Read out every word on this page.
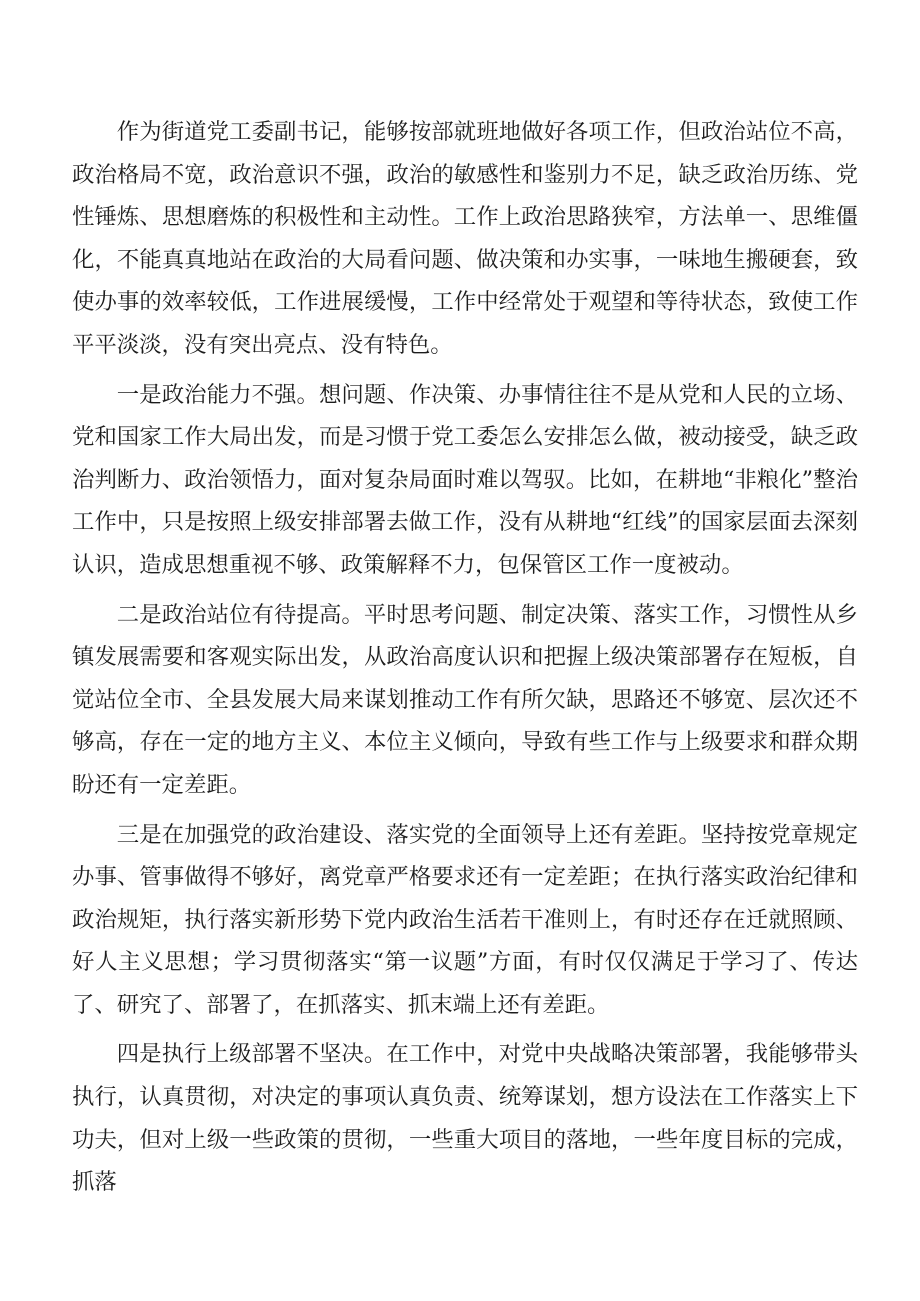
作为街道党工委副书记，能够按部就班地做好各项工作，但政治站位不高，政治格局不宽，政治意识不强，政治的敏感性和鉴别力不足，缺乏政治历练、党性锤炼、思想磨炼的积极性和主动性。工作上政治思路狭窄，方法单一、思维僵化，不能真真地站在政治的大局看问题、做决策和办实事，一味地生搬硬套，致使办事的效率较低，工作进展缓慢，工作中经常处于观望和等待状态，致使工作平平淡淡，没有突出亮点、没有特色。

一是政治能力不强。想问题、作决策、办事情往往不是从党和人民的立场、党和国家工作大局出发，而是习惯于党工委怎么安排怎么做，被动接受，缺乏政治判断力、政治领悟力，面对复杂局面时难以驾驭。比如，在耕地“非粮化”整治工作中，只是按照上级安排部署去做工作，没有从耕地“红线”的国家层面去深刻认识，造成思想重视不够、政策解释不力，包保管区工作一度被动。

二是政治站位有待提高。平时思考问题、制定决策、落实工作，习惯性从乡镇发展需要和客观实际出发，从政治高度认识和把握上级决策部署存在短板，自觉站位全市、全县发展大局来谋划推动工作有所欠缺，思路还不够宽、层次还不够高，存在一定的地方主义、本位主义倾向，导致有些工作与上级要求和群众期盼还有一定差距。

三是在加强党的政治建设、落实党的全面领导上还有差距。坚持按党章规定办事、管事做得不够好，离党章严格要求还有一定差距；在执行落实政治纪律和政治规矩，执行落实新形势下党内政治生活若干准则上，有时还存在迁就照顾、好人主义思想；学习贯彻落实“第一议题”方面，有时仅仅满足于学习了、传达了、研究了、部署了，在抓落实、抓末端上还有差距。

四是执行上级部署不坚决。在工作中，对党中央战略决策部署，我能够带头执行，认真贯彻，对决定的事项认真负责、统筹谋划，想方设法在工作落实上下功夫，但对上级一些政策的贯彻，一些重大项目的落地，一些年度目标的完成，抓落
